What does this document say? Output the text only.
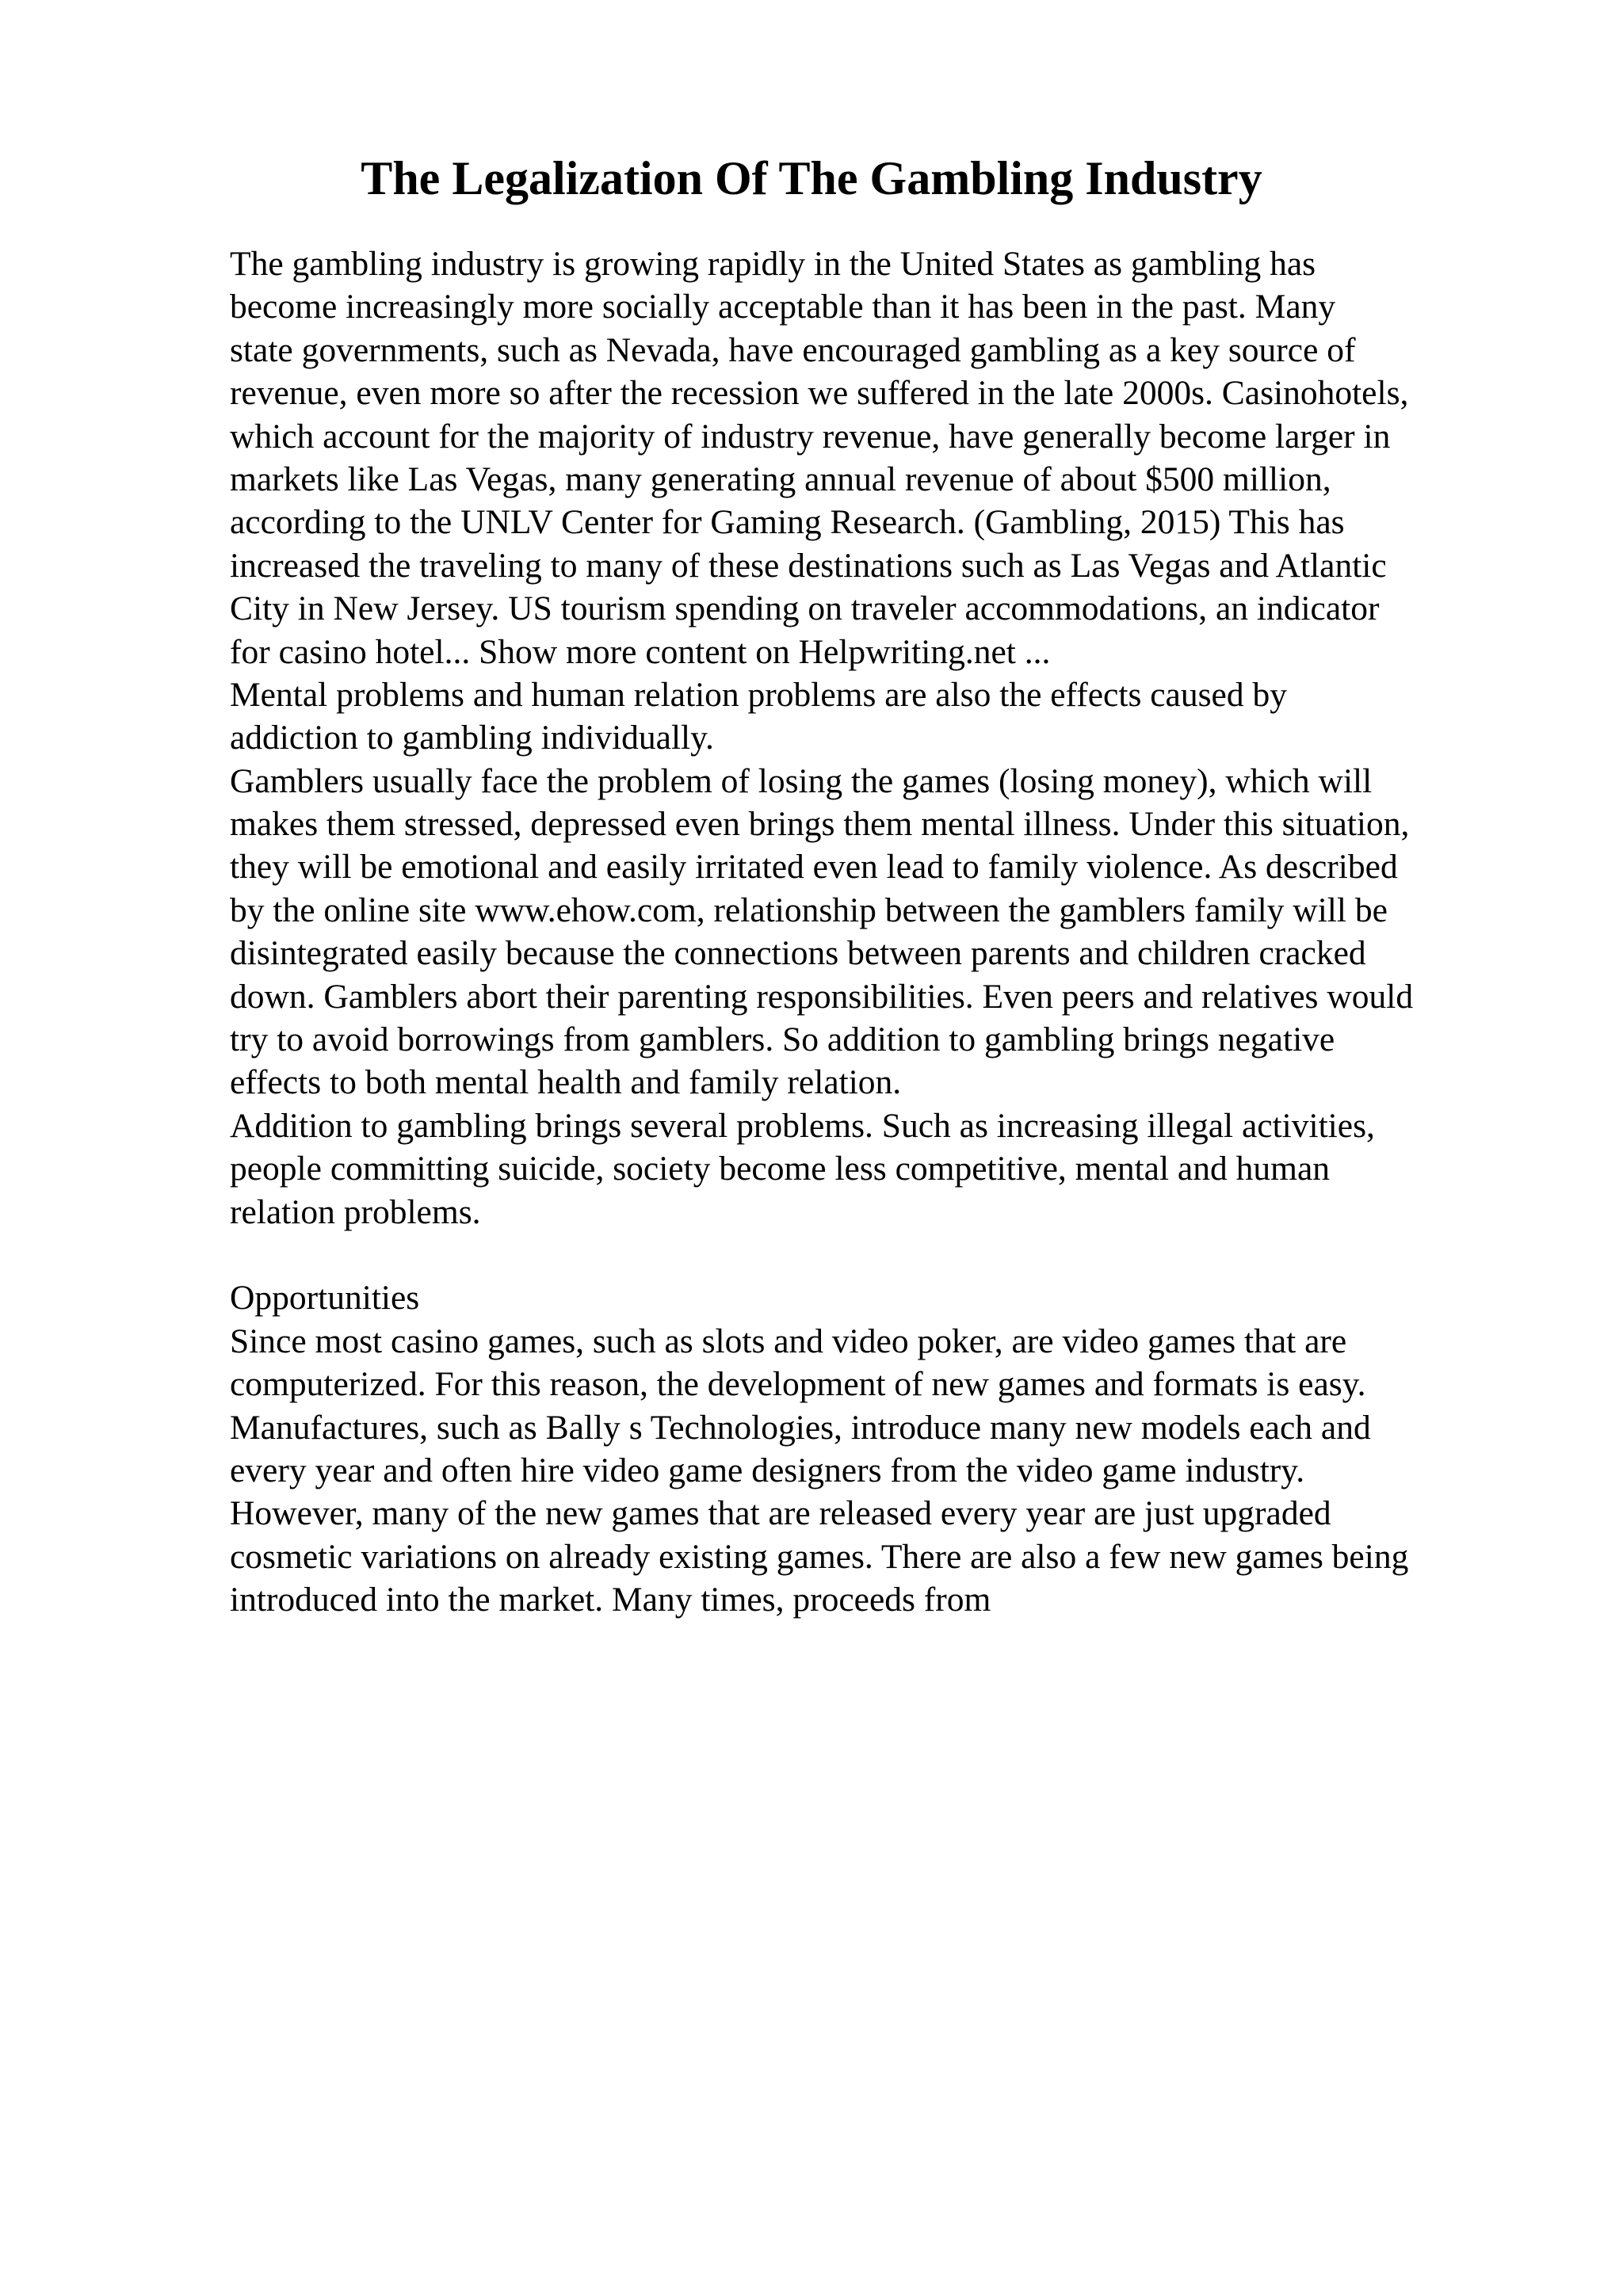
The Legalization Of The Gambling Industry
The gambling industry is growing rapidly in the United States as gambling has
become increasingly more socially acceptable than it has been in the past. Many
state governments, such as Nevada, have encouraged gambling as a key source of
revenue, even more so after the recession we suffered in the late 2000s. Casinohotels,
which account for the majority of industry revenue, have generally become larger in
markets like Las Vegas, many generating annual revenue of about $500 million,
according to the UNLV Center for Gaming Research. (Gambling, 2015) This has
increased the traveling to many of these destinations such as Las Vegas and Atlantic
City in New Jersey. US tourism spending on traveler accommodations, an indicator
for casino hotel... Show more content on Helpwriting.net ...
Mental problems and human relation problems are also the effects caused by
addiction to gambling individually.
Gamblers usually face the problem of losing the games (losing money), which will
makes them stressed, depressed even brings them mental illness. Under this situation,
they will be emotional and easily irritated even lead to family violence. As described
by the online site www.ehow.com, relationship between the gamblers family will be
disintegrated easily because the connections between parents and children cracked
down. Gamblers abort their parenting responsibilities. Even peers and relatives would
try to avoid borrowings from gamblers. So addition to gambling brings negative
effects to both mental health and family relation.
Addition to gambling brings several problems. Such as increasing illegal activities,
people committing suicide, society become less competitive, mental and human
relation problems.
Opportunities
Since most casino games, such as slots and video poker, are video games that are
computerized. For this reason, the development of new games and formats is easy.
Manufactures, such as Bally s Technologies, introduce many new models each and
every year and often hire video game designers from the video game industry.
However, many of the new games that are released every year are just upgraded
cosmetic variations on already existing games. There are also a few new games being
introduced into the market. Many times, proceeds from
